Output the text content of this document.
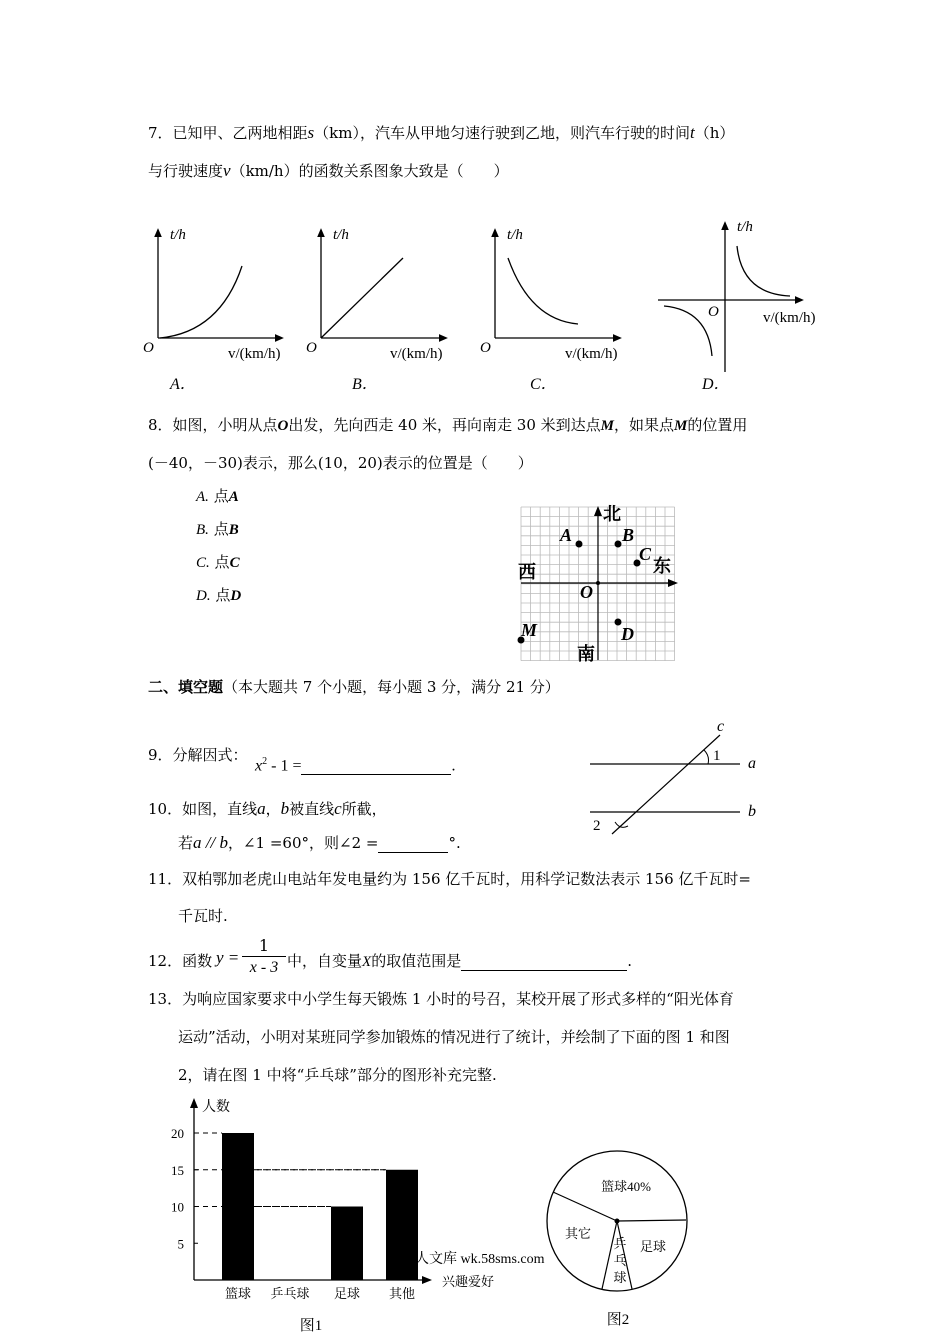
7．已知甲、乙两地相距s（km），汽车从甲地匀速行驶到乙地，则汽车行驶的时间t（h）
与行驶速度v（km/h）的函数关系图象大致是（　　）
t/h
O	v/(km/h)
A．
t/h
O	v/(km/h)
B．
t/h
O	v/(km/h)
C．
t/h
O	v/(km/h)
D．
北
南
东
西
A	B
C
O
M	D
c
1 a
b
2
人数
兴趣爱好
5
10
15
20
篮球 乒乓球 足球 其他
图1
篮球40%
足球
乒乓球
其它
图2
8．如图，小明从点O出发，先向西走 40 米，再向南走 30 米到达点M，如果点M的位置用
(－40，－30)表示，那么(10，20)表示的位置是（　　）
A. 点A
B. 点B
C. 点C
D. 点D
二、填空题（本大题共 7 个小题，每小题 3 分，满分 21 分）
9．分解因式：
$x^2 - 1$ =	.
10．如图，直线a，b被直线c所截，
若a // b，∠1 =60°，则∠2 =	°.
11．双柏鄂加老虎山电站年发电量约为 156 亿千瓦时，用科学记数法表示 156 亿千瓦时=
千瓦时.
12．函数 $y = \frac{1}{x - 3}$ 中，自变量X的取值范围是	.
13．为响应国家要求中小学生每天锻炼 1 小时的号召，某校开展了形式多样的“阳光体育
运动”活动，小明对某班同学参加锻炼的情况进行了统计，并绘制了下面的图 1 和图
2，请在图 1 中将“乒乓球”部分的图形补充完整.
人文库 wk.58sms.com
